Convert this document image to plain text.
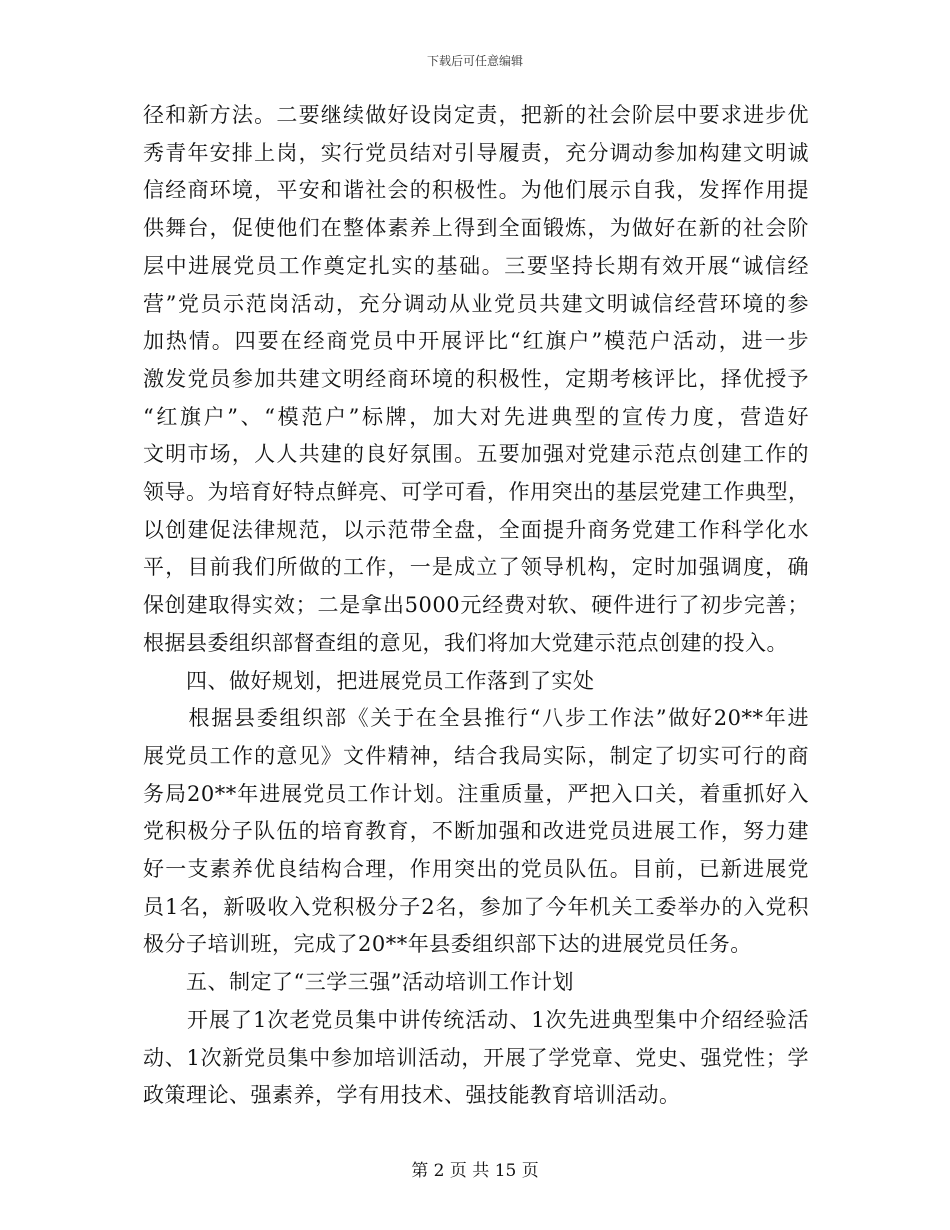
下载后可任意编辑
径和新方法。二要继续做好设岗定责，把新的社会阶层中要求进步优
秀青年安排上岗，实行党员结对引导履责，充分调动参加构建文明诚
信经商环境，平安和谐社会的积极性。为他们展示自我，发挥作用提
供舞台，促使他们在整体素养上得到全面锻炼，为做好在新的社会阶
层中进展党员工作奠定扎实的基础。三要坚持长期有效开展“诚信经
营”党员示范岗活动，充分调动从业党员共建文明诚信经营环境的参
加热情。四要在经商党员中开展评比“红旗户”模范户活动，进一步
激发党员参加共建文明经商环境的积极性，定期考核评比，择优授予
“红旗户”、“模范户”标牌，加大对先进典型的宣传力度，营造好
文明市场，人人共建的良好氛围。五要加强对党建示范点创建工作的
领导。为培育好特点鲜亮、可学可看，作用突出的基层党建工作典型，
以创建促法律规范，以示范带全盘，全面提升商务党建工作科学化水
平，目前我们所做的工作，一是成立了领导机构，定时加强调度，确
保创建取得实效；二是拿出5000元经费对软、硬件进行了初步完善；
根据县委组织部督查组的意见，我们将加大党建示范点创建的投入。
　　四、做好规划，把进展党员工作落到了实处
　　根据县委组织部《关于在全县推行“八步工作法”做好20**年进
展党员工作的意见》文件精神，结合我局实际，制定了切实可行的商
务局20**年进展党员工作计划。注重质量，严把入口关，着重抓好入
党积极分子队伍的培育教育，不断加强和改进党员进展工作，努力建
好一支素养优良结构合理，作用突出的党员队伍。目前，已新进展党
员1名，新吸收入党积极分子2名，参加了今年机关工委举办的入党积
极分子培训班，完成了20**年县委组织部下达的进展党员任务。
　　五、制定了“三学三强”活动培训工作计划
　　开展了1次老党员集中讲传统活动、1次先进典型集中介绍经验活
动、1次新党员集中参加培训活动，开展了学党章、党史、强党性；学
政策理论、强素养，学有用技术、强技能教育培训活动。
第 2 页 共 15 页
